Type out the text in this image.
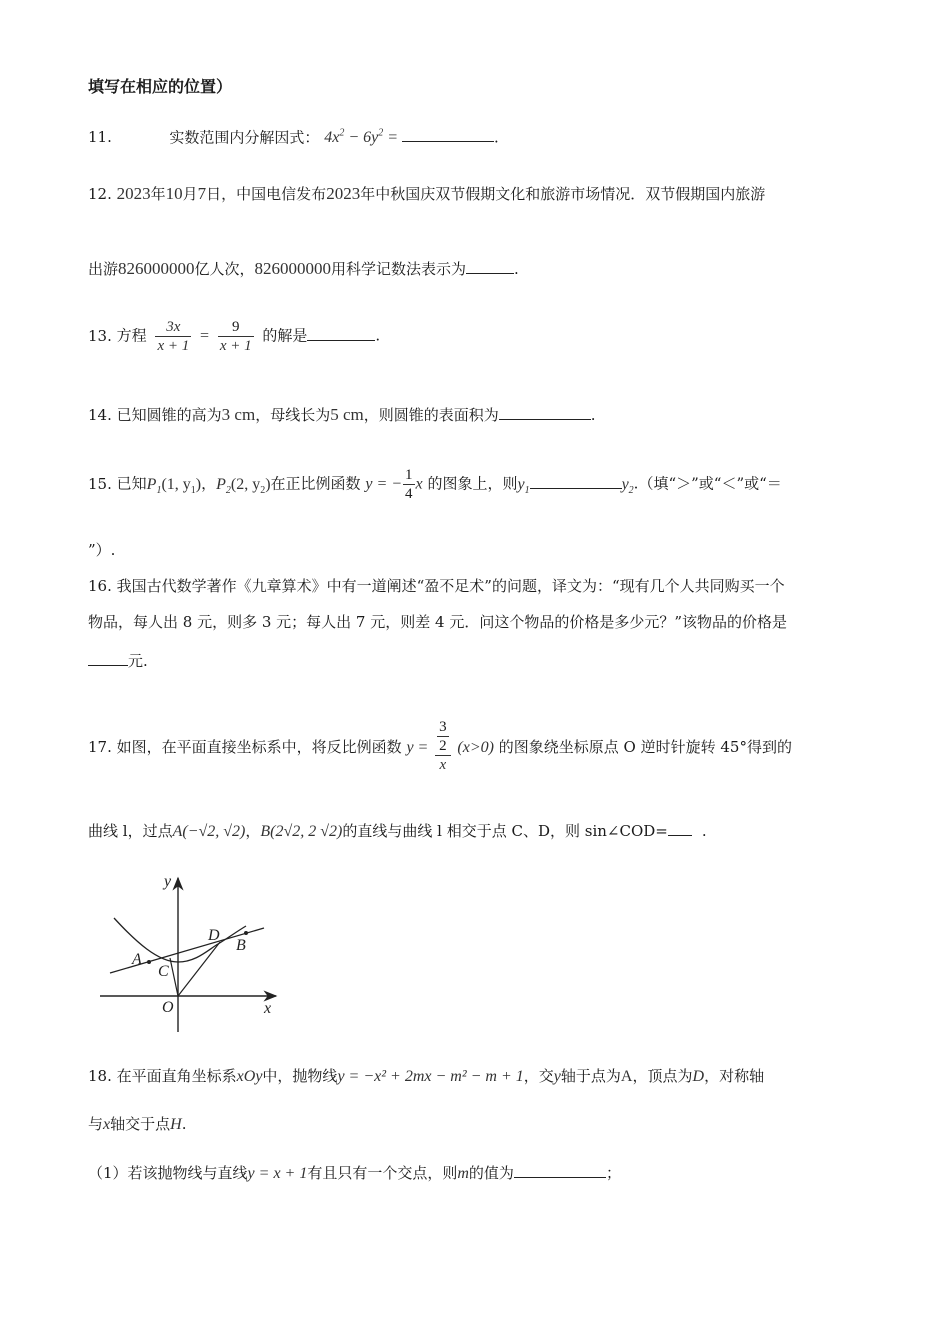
填写在相应的位置）
11.	实数范围内分解因式： $4x^2 - 6y^2$ =	.
12. 2023年10月7日，中国电信发布2023年中秋国庆双节假期文化和旅游市场情况．双节假期国内旅游
出游826000000亿人次，826000000用科学记数法表示为	.
13. 方程 $\frac{3x}{x + 1} = \frac{9}{x + 1}$ 的解是	.
14. 已知圆锥的高为3 cm，母线长为5 cm，则圆锥的表面积为	.
15. 已知$P_1(1$, $y_1$)，$P_2(2$, $y_2$)在正比例函数 y = − $\frac{1}{4}$ x 的图象上，则$y_1$	$y_2$.（填“＞”或“＜”或“＝
”）.
16. 我国古代数学著作《九章算术》中有一道阐述“盈不足术”的问题，译文为：“现有几个人共同购买一个
物品，每人出 8 元，则多 3 元；每人出 7 元，则差 4 元．问这个物品的价格是多少元？”该物品的价格是
元.
17. 如图，在平面直接坐标系中，将反比例函数 $y = \frac{\frac{3}{2}}{x} (x>0)$ 的图象绕坐标原点 O 逆时针旋转 45°得到的
曲线 l，过点A(−√2, √2)，B(2√2, 2 √2)的直线与曲线 l 相交于点 C、D，则 sin∠COD= .
y
x
O
A
B
C
D
18. 在平面直角坐标系xOy中，抛物线y = −x² + 2mx − m² − m + 1，交y轴于点为A，顶点为D，对称轴
与x轴交于点H.
（1）若该抛物线与直线y = x + 1有且只有一个交点，则m的值为	；
